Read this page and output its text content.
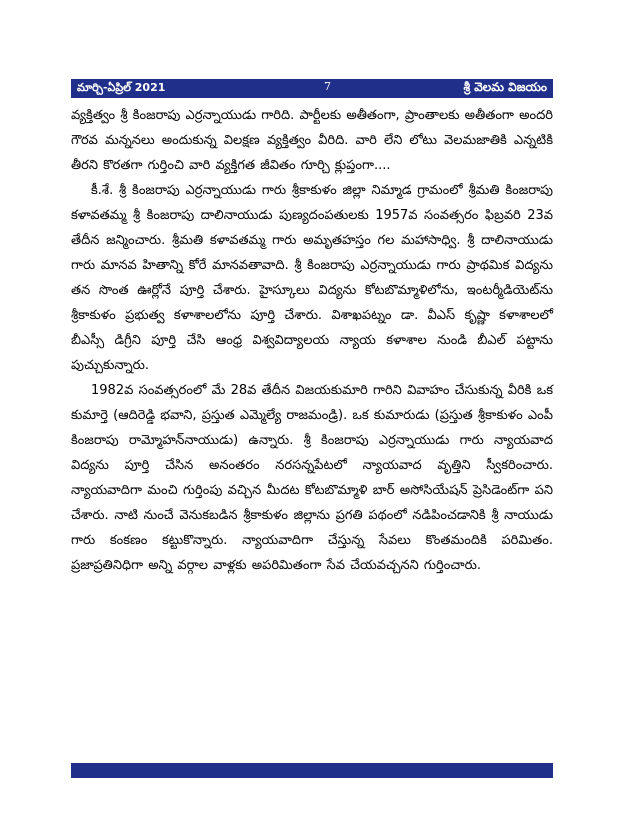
మార్చి-ఏప్రిల్ 2021	7	శ్రీ వెలమ విజయం

వ్యక్తిత్వం శ్రీ కింజరాపు ఎర్రన్నాయుడు గారిది. పార్టీలకు అతీతంగా, ప్రాంతాలకు అతీతంగా అందరి గౌరవ మన్ననలు అందుకున్న విలక్షణ వ్యక్తిత్వం వీరిది. వారి లేని లోటు వెలమజాతికి ఎన్నటికి తీరని కొరతగా గుర్తించి వారి వ్యక్తిగత జీవితం గూర్చి క్లుప్తంగా....

కీ.శే. శ్రీ కింజరాపు ఎర్రన్నాయుడు గారు శ్రీకాకుళం జిల్లా నిమ్మాడ గ్రామంలో శ్రీమతి కింజరాపు కళావతమ్మ శ్రీ కింజరాపు దాలినాయుడు పుణ్యదంపతులకు 1957వ సంవత్సరం ఫిబ్రవరి 23వ తేదీన జన్మించారు. శ్రీమతి కళావతమ్మ గారు అమృతహస్తం గల మహాసాధ్వి. శ్రీ దాలినాయుడు గారు మానవ హితాన్ని కోరే మానవతావాది. శ్రీ కింజరాపు ఎర్రన్నాయుడు గారు ప్రాథమిక విద్యను తన సొంత ఊర్లోనే పూర్తి చేశారు. హైస్కూలు విద్యను కోటబొమ్మాళిలోను, ఇంటర్మీడియెట్‌ను శ్రీకాకుళం ప్రభుత్వ కళాశాలలోను పూర్తి చేశారు. విశాఖపట్నం డా. వీఎస్ కృష్ణా కళాశాలలో బీఎస్సీ డిగ్రీని పూర్తి చేసి ఆంధ్ర విశ్వవిద్యాలయ న్యాయ కళాశాల నుండి బీఎల్ పట్టాను పుచ్చుకున్నారు.

1982వ సంవత్సరంలో మే 28వ తేదీన విజయకుమారి గారిని వివాహం చేసుకున్న వీరికి ఒక కుమార్తె (ఆదిరెడ్డి భవాని, ప్రస్తుత ఎమ్మెల్యే రాజమండ్రి). ఒక కుమారుడు (ప్రస్తుత శ్రీకాకుళం ఎంపీ కింజరాపు రామ్మోహన్‌నాయుడు) ఉన్నారు. శ్రీ కింజరాపు ఎర్రన్నాయుడు గారు న్యాయవాద విద్యను పూర్తి చేసిన అనంతరం నరసన్నపేటలో న్యాయవాద వృత్తిని స్వీకరించారు. న్యాయవాదిగా మంచి గుర్తింపు వచ్చిన మీదట కోటబొమ్మాళి బార్ అసోసియేషన్ ప్రెసిడెంట్‌గా పని చేశారు. నాటి నుంచే వెనుకబడిన శ్రీకాకుళం జిల్లాను ప్రగతి పథంలో నడిపించడానికి శ్రీ నాయుడు గారు కంకణం కట్టుకొన్నారు. న్యాయవాదిగా చేస్తున్న సేవలు కొంతమందికి పరిమితం. ప్రజాప్రతినిధిగా అన్ని వర్గాల వాళ్లకు అపరిమితంగా సేవ చేయవచ్చనని గుర్తించారు.
